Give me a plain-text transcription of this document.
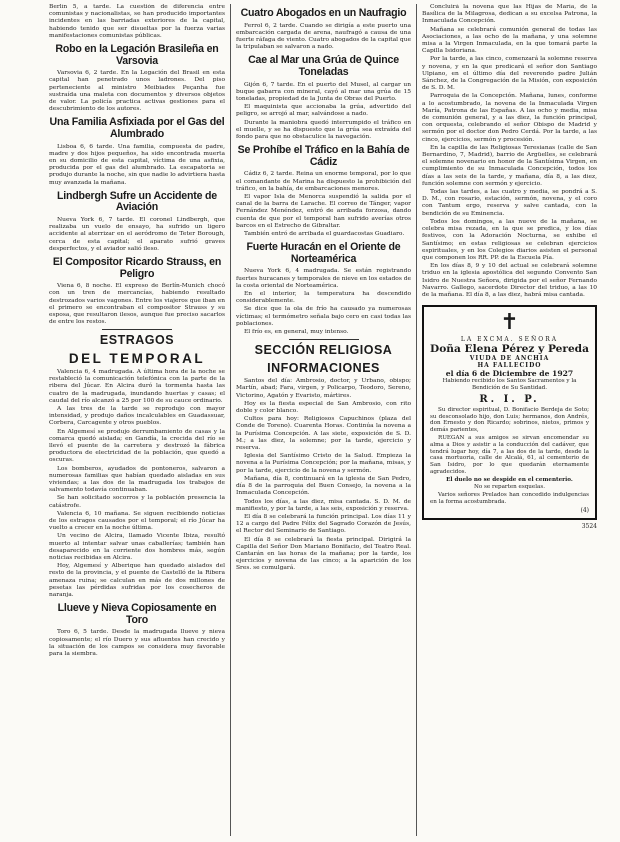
Berlín 5, a tarde. La cuestión de diferencia entre comunistas y nacionalistas, se han producido importantes incidentes en las barriadas exteriores de la capital, habiendo tenido que ser disueltas por la fuerza varias manifestaciones comunistas públicas.

Robo en la Legación Brasileña en Varsovia

Varsovia 6, 2 tarde. En la Legación del Brasil en esta capital han penetrado unos ladrones. Del piso perteneciente al ministro Meibiades Peçanha fue sustraída una maleta con documentos y diversos objetos de valor. La policía practica activas gestiones para el descubrimiento de los autores.

Una Familia Asfixiada por el Gas del Alumbrado

Lisboa 6, 6 tarde. Una familia, compuesta de padre, madre y dos hijos pequeños, ha sido encontrada muerta en su domicilio de esta capital, víctima de una asfixia, producida por el gas del alumbrado. La escapatoria se produjo durante la noche, sin que nadie lo advirtiera hasta muy avanzada la mañana.

Lindbergh Sufre un Accidente de Aviación

Nueva York 6, 7 tarde. El coronel Lindbergh, que realizaba un vuelo de ensayo, ha sufrido un ligero accidente al aterrizar en el aeródromo de Teter Borough, cerca de esta capital; el aparato sufrió graves desperfectos, y el aviador salió ileso.

El Compositor Ricardo Strauss, en Peligro

Viena 6, 8 noche. El expreso de Berlín-Munich chocó con un tren de mercancías, habiendo resultado destrozados varios vagones. Entre los viajeros que iban en el primero se encontraban el compositor Strauss y su esposa, que resultaron ilesos, aunque fue preciso sacarlos de entre los restos.

ESTRAGOS
DEL TEMPORAL

Valencia 6, 4 madrugada. A última hora de la noche se restableció la comunicación telefónica con la parte de la ribera del Júcar. En Alcira duró la tormenta hasta las cuatro de la madrugada, inundando huertas y casas; el caudal del río alcanzó a 25 por 100 de su cauce ordinario.

A las tres de la tarde se reprodujo con mayor intensidad, y produjo daños incalculables en Guadassuar, Corbera, Carcagente y otros pueblos.

En Algemesí se produjo derrumbamiento de casas y la comarca quedó aislada; en Gandía, la crecida del río se llevó el puente de la carretera y destrozó la fábrica productora de electricidad de la población, que quedó a oscuras.

Los bomberos, ayudados de pontoneros, salvaron a numerosas familias que habían quedado aisladas en sus viviendas; a las dos de la madrugada los trabajos de salvamento todavía continuaban.

Se han solicitado socorros y la población presencia la catástrofe.

Valencia 6, 10 mañana. Se siguen recibiendo noticias de los estragos causados por el temporal; el río Júcar ha vuelto a crecer en la noche última.

Un vecino de Alcira, llamado Vicente Ibiza, resultó muerto al intentar salvar unas caballerías; también han desaparecido en la corriente dos hombres más, según noticias recibidas en Alcira.

Hoy, Algemesí y Alberique han quedado aislados del resto de la provincia, y el puente de Castelló de la Ribera amenaza ruina; se calculan en más de dos millones de pesetas las pérdidas sufridas por los cosecheros de naranja.

Llueve y Nieva Copiosamente en Toro

Toro 6, 5 tarde. Desde la madrugada llueve y nieva copiosamente; el río Duero y sus afluentes han crecido y la situación de los campos se considera muy favorable para la siembra.

Cuatro Abogados en un Naufragio

Ferrol 6, 2 tarde. Cuando se dirigía a este puerto una embarcación cargada de arena, naufragó a causa de una fuerte ráfaga de viento. Cuatro abogados de la capital que la tripulaban se salvaron a nado.

Cae al Mar una Grúa de Quince Toneladas

Gijón 6, 7 tarde. En el puerto del Musel, al cargar un buque gabarra con mineral, cayó al mar una grúa de 15 toneladas, propiedad de la Junta de Obras del Puerto.

El maquinista que accionaba la grúa, advertido del peligro, se arrojó al mar, salvándose a nado.

Durante la maniobra quedó interrumpido el tráfico en el muelle, y se ha dispuesto que la grúa sea extraída del fondo para que no obstaculice la navegación.

Se Prohíbe el Tráfico en la Bahía de Cádiz

Cádiz 6, 2 tarde. Reina un enorme temporal, por lo que el comandante de Marina ha dispuesto la prohibición del tráfico, en la bahía, de embarcaciones menores.

El vapor Isla de Menorca suspendió la salida por el canal de la barra de Larache. El correo de Tánger, vapor Fernández Menéndez, entró de arribada forzosa, dando cuenta de que por el temporal han sufrido averías otros barcos en el Estrecho de Gibraltar.

También entró de arribada el guardacostas Guadiaro.

Fuerte Huracán en el Oriente de Norteamérica

Nueva York 6, 4 madrugada. Se están registrando fuertes huracanes y temporales de nieve en los estados de la costa oriental de Norteamérica.

En el interior, la temperatura ha descendido considerablemente.

Se dice que la ola de frío ha causado ya numerosas víctimas; el termómetro señala bajo cero en casi todas las poblaciones.

El frío es, en general, muy intenso.

SECCIÓN RELIGIOSA
INFORMACIONES

Santos del día: Ambrosio, doctor, y Urbano, obispo; Martín, abad; Fara, virgen, y Policarpo, Teodoro, Sereno, Victorino, Agatón y Evaristo, mártires.

Hoy es la fiesta especial de San Ambrosio, con rito doble y color blanco.

Cultos para hoy: Religiosos Capuchinos (plaza del Conde de Toreno). Cuarenta Horas. Continúa la novena a la Purísima Concepción. A las siete, exposición de S. D. M.; a las diez, la solemne; por la tarde, ejercicio y reserva.

Iglesia del Santísimo Cristo de la Salud. Empieza la novena a la Purísima Concepción; por la mañana, misas, y por la tarde, ejercicio de la novena y sermón.

Mañana, día 8, continuará en la iglesia de San Pedro, día 8 de la parroquia del Buen Consejo, la novena a la Inmaculada Concepción.

Todos los días, a las diez, misa cantada. S. D. M. de manifiesto, y por la tarde, a las seis, exposición y reserva.

El día 8 se celebrará la función principal. Los días 11 y 12 a cargo del Padre Félix del Sagrado Corazón de Jesús, el Rector del Seminario de Santiago.

El día 8 se celebrará la fiesta principal. Dirigirá la Capilla del Señor Don Mariano Bonifacio, del Teatro Real. Cantarán en las horas de la mañana; por la tarde, los ejercicios y novena de las cinco; a la aparición de los Sres. se comulgará.

Concluirá la novena que las Hijas de María, de la Basílica de la Milagrosa, dedican a su excelsa Patrona, la Inmaculada Concepción.

Mañana se celebrará comunión general de todas las Asociaciones, a las ocho de la mañana, y una solemne misa a la Virgen Inmaculada, en la que tomará parte la Capilla Isidoriana.

Por la tarde, a las cinco, comenzará la solemne reserva y novena, y en la que predicará el señor don Santiago Ulpiano, en el último día del reverendo padre Julián Sánchez, de la Congregación de la Misión, con exposición de S. D. M.

Parroquia de la Concepción. Mañana, lunes, conforme a lo acostumbrado, la novena de la Inmaculada Virgen María, Patrona de las Españas. A las ocho y media, misa de comunión general, y a las diez, la función principal, con orquesta, celebrando el señor Obispo de Madrid y sermón por el doctor don Pedro Cerdá. Por la tarde, a las cinco, ejercicios, sermón y procesión.

En la capilla de las Religiosas Teresianas (calle de San Bernardino, 7, Madrid), barrio de Argüelles, se celebrará el solemne novenario en honor de la Santísima Virgen, en cumplimiento de su Inmaculada Concepción, todos los días a las seis de la tarde, y mañana, día 8, a las diez, función solemne con sermón y ejercicio.

Todas las tardes, a las cuatro y media, se pondrá a S. D. M., con rosario, estación, sermón, novena, y el coro con Tantum ergo, reserva y salve cantada, con la bendición de su Eminencia.

Todos los domingos, a las nueve de la mañana, se celebra misa rezada, en la que se predica, y los días festivos, con la Adoración Nocturna, se exhibe el Santísimo; en estas religiosas se celebran ejercicios espirituales, y en los Colegios diarios asisten el personal que componen los RR. PP. de la Escuela Pía.

En los días 8, 9 y 10 del actual se celebrará solemne triduo en la iglesia apostólica del segundo Convento San Isidro de Nuestra Señora, dirigida por el señor Fernando Navarro. Gallego, sacerdote Director del triduo, a las 10 de la mañana. El día 8, a las diez, habrá misa cantada.

✝
LA EXCMA. SEÑORA
Doña Elena Pérez y Pereda
VIUDA DE ANCHIA
HA FALLECIDO
el día 6 de Diciembre de 1927

Habiendo recibido los Santos Sacramentos y la Bendición de Su Santidad.

R. I. P.

Su director espiritual, D. Bonifacio Berdeja de Soto; su desconsolado hijo, don Luis; hermanos, don Andrés, don Ernesto y don Ricardo; sobrinos, nietos, primos y demás parientes,

RUEGAN a sus amigos se sirvan encomendar su alma a Dios y asistir a la conducción del cadáver, que tendrá lugar hoy, día 7, a las dos de la tarde, desde la casa mortuoria, calle de Alcalá, 61, al cementerio de San Isidro, por lo que quedarán eternamente agradecidos.

El duelo no se despide en el cementerio.

No se reparten esquelas.

Varios señores Prelados han concedido indulgencias en la forma acostumbrada.

(4)
3524
